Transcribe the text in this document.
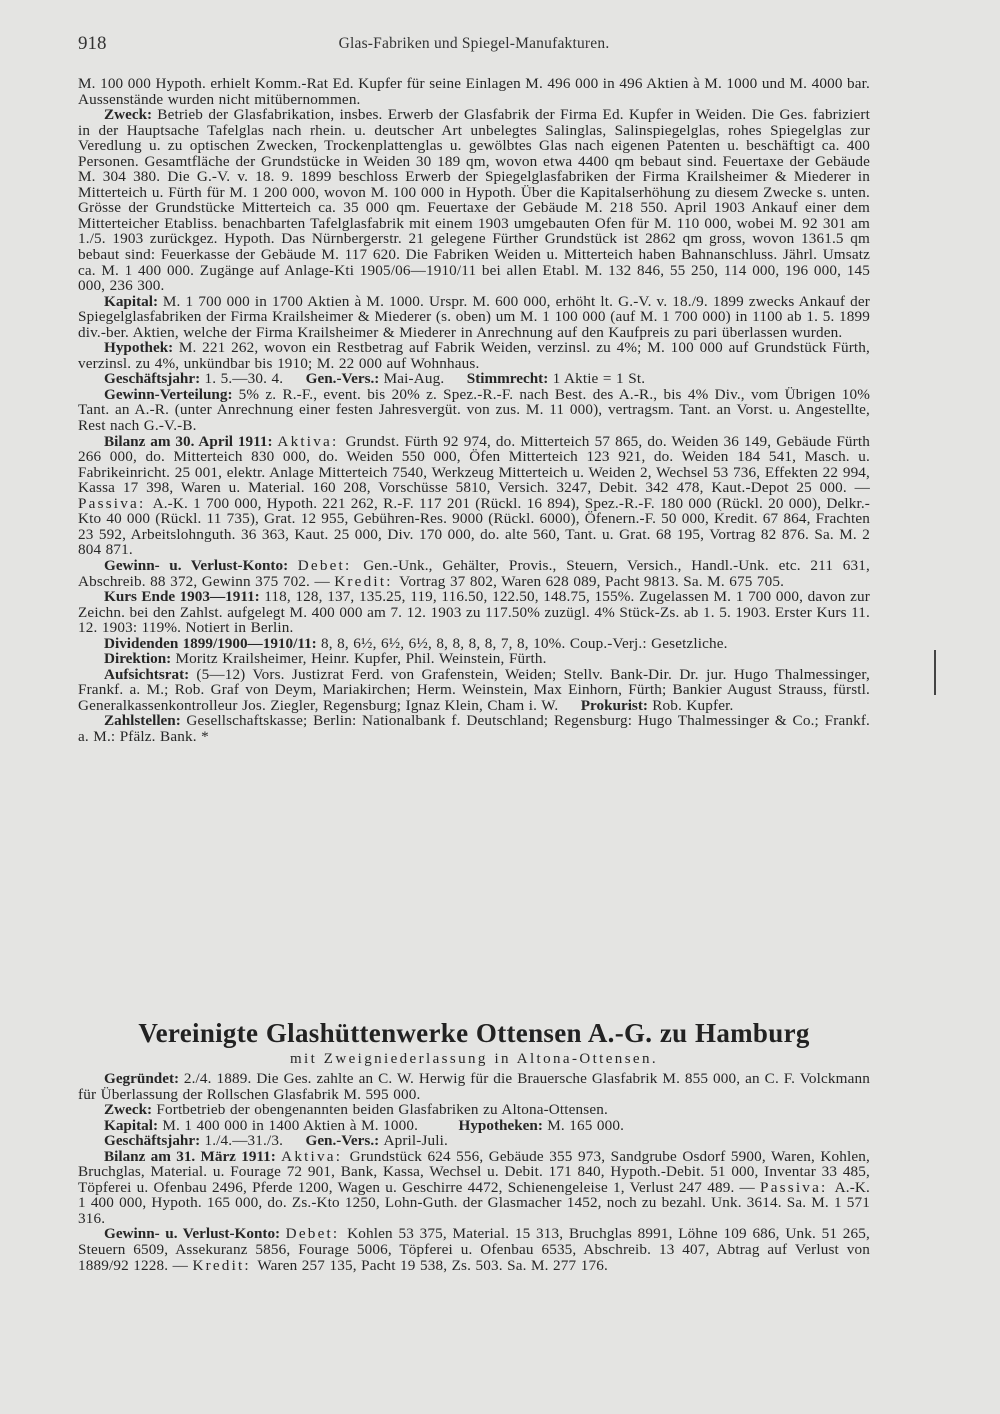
918	Glas-Fabriken und Spiegel-Manufakturen.

M. 100 000 Hypoth. erhielt Komm.-Rat Ed. Kupfer für seine Einlagen M. 496 000 in 496 Aktien à M. 1000 und M. 4000 bar. Aussenstände wurden nicht mitübernommen.

Zweck: Betrieb der Glasfabrikation, insbes. Erwerb der Glasfabrik der Firma Ed. Kupfer in Weiden. Die Ges. fabriziert in der Hauptsache Tafelglas nach rhein. u. deutscher Art unbelegtes Salinglas, Salinspiegelglas, rohes Spiegelglas zur Veredlung u. zu optischen Zwecken, Trockenplattenglas u. gewölbtes Glas nach eigenen Patenten u. beschäftigt ca. 400 Personen. Gesamtfläche der Grundstücke in Weiden 30 189 qm, wovon etwa 4400 qm bebaut sind. Feuertaxe der Gebäude M. 304 380. Die G.-V. v. 18. 9. 1899 beschloss Erwerb der Spiegelglasfabriken der Firma Krailsheimer & Miederer in Mitterteich u. Fürth für M. 1 200 000, wovon M. 100 000 in Hypoth. Über die Kapitalserhöhung zu diesem Zwecke s. unten. Grösse der Grundstücke Mitterteich ca. 35 000 qm. Feuertaxe der Gebäude M. 218 550. April 1903 Ankauf einer dem Mitterteicher Etabliss. benachbarten Tafelglasfabrik mit einem 1903 umgebauten Ofen für M. 110 000, wobei M. 92 301 am 1./5. 1903 zurückgez. Hypoth. Das Nürnbergerstr. 21 gelegene Fürther Grundstück ist 2862 qm gross, wovon 1361.5 qm bebaut sind: Feuerkasse der Gebäude M. 117 620. Die Fabriken Weiden u. Mitterteich haben Bahnanschluss. Jährl. Umsatz ca. M. 1 400 000. Zugänge auf Anlage-Kti 1905/06—1910/11 bei allen Etabl. M. 132 846, 55 250, 114 000, 196 000, 145 000, 236 300.

Kapital: M. 1 700 000 in 1700 Aktien à M. 1000. Urspr. M. 600 000, erhöht lt. G.-V. v. 18./9. 1899 zwecks Ankauf der Spiegelglasfabriken der Firma Krailsheimer & Miederer (s. oben) um M. 1 100 000 (auf M. 1 700 000) in 1100 ab 1. 5. 1899 div.-ber. Aktien, welche der Firma Krailsheimer & Miederer in Anrechnung auf den Kaufpreis zu pari überlassen wurden.

Hypothek: M. 221 262, wovon ein Restbetrag auf Fabrik Weiden, verzinsl. zu 4%; M. 100 000 auf Grundstück Fürth, verzinsl. zu 4%, unkündbar bis 1910; M. 22 000 auf Wohnhaus.

Geschäftsjahr: 1. 5.—30. 4. Gen.-Vers.: Mai-Aug. Stimmrecht: 1 Aktie = 1 St.

Gewinn-Verteilung: 5% z. R.-F., event. bis 20% z. Spez.-R.-F. nach Best. des A.-R., bis 4% Div., vom Übrigen 10% Tant. an A.-R. (unter Anrechnung einer festen Jahresvergüt. von zus. M. 11 000), vertragsm. Tant. an Vorst. u. Angestellte, Rest nach G.-V.-B.

Bilanz am 30. April 1911: Aktiva: Grundst. Fürth 92 974, do. Mitterteich 57 865, do. Weiden 36 149, Gebäude Fürth 266 000, do. Mitterteich 830 000, do. Weiden 550 000, Öfen Mitterteich 123 921, do. Weiden 184 541, Masch. u. Fabrikeinricht. 25 001, elektr. Anlage Mitterteich 7540, Werkzeug Mitterteich u. Weiden 2, Wechsel 53 736, Effekten 22 994, Kassa 17 398, Waren u. Material. 160 208, Vorschüsse 5810, Versich. 3247, Debit. 342 478, Kaut.-Depot 25 000. — Passiva: A.-K. 1 700 000, Hypoth. 221 262, R.-F. 117 201 (Rückl. 16 894), Spez.-R.-F. 180 000 (Rückl. 20 000), Delkr.-Kto 40 000 (Rückl. 11 735), Grat. 12 955, Gebühren-Res. 9000 (Rückl. 6000), Öfenern.-F. 50 000, Kredit. 67 864, Frachten 23 592, Arbeitslohnguth. 36 363, Kaut. 25 000, Div. 170 000, do. alte 560, Tant. u. Grat. 68 195, Vortrag 82 876. Sa. M. 2 804 871.

Gewinn- u. Verlust-Konto: Debet: Gen.-Unk., Gehälter, Provis., Steuern, Versich., Handl.-Unk. etc. 211 631, Abschreib. 88 372, Gewinn 375 702. — Kredit: Vortrag 37 802, Waren 628 089, Pacht 9813. Sa. M. 675 705.

Kurs Ende 1903—1911: 118, 128, 137, 135.25, 119, 116.50, 122.50, 148.75, 155%. Zugelassen M. 1 700 000, davon zur Zeichn. bei den Zahlst. aufgelegt M. 400 000 am 7. 12. 1903 zu 117.50% zuzügl. 4% Stück-Zs. ab 1. 5. 1903. Erster Kurs 11. 12. 1903: 119%. Notiert in Berlin.

Dividenden 1899/1900—1910/11: 8, 8, 6½, 6½, 6½, 8, 8, 8, 8, 7, 8, 10%. Coup.-Verj.: Gesetzliche.

Direktion: Moritz Krailsheimer, Heinr. Kupfer, Phil. Weinstein, Fürth.

Aufsichtsrat: (5—12) Vors. Justizrat Ferd. von Grafenstein, Weiden; Stellv. Bank-Dir. Dr. jur. Hugo Thalmessinger, Frankf. a. M.; Rob. Graf von Deym, Mariakirchen; Herm. Weinstein, Max Einhorn, Fürth; Bankier August Strauss, fürstl. Generalkassenkontrolleur Jos. Ziegler, Regensburg; Ignaz Klein, Cham i. W. Prokurist: Rob. Kupfer.

Zahlstellen: Gesellschaftskasse; Berlin: Nationalbank f. Deutschland; Regensburg: Hugo Thalmessinger & Co.; Frankf. a. M.: Pfälz. Bank. *

Vereinigte Glashüttenwerke Ottensen A.-G. zu Hamburg

mit Zweigniederlassung in Altona-Ottensen.

Gegründet: 2./4. 1889. Die Ges. zahlte an C. W. Herwig für die Brauersche Glasfabrik M. 855 000, an C. F. Volckmann für Überlassung der Rollschen Glasfabrik M. 595 000.

Zweck: Fortbetrieb der obengenannten beiden Glasfabriken zu Altona-Ottensen.

Kapital: M. 1 400 000 in 1400 Aktien à M. 1000. Hypotheken: M. 165 000.

Geschäftsjahr: 1./4.—31./3. Gen.-Vers.: April-Juli.

Bilanz am 31. März 1911: Aktiva: Grundstück 624 556, Gebäude 355 973, Sandgrube Osdorf 5900, Waren, Kohlen, Bruchglas, Material. u. Fourage 72 901, Bank, Kassa, Wechsel u. Debit. 171 840, Hypoth.-Debit. 51 000, Inventar 33 485, Töpferei u. Ofenbau 2496, Pferde 1200, Wagen u. Geschirre 4472, Schienengeleise 1, Verlust 247 489. — Passiva: A.-K. 1 400 000, Hypoth. 165 000, do. Zs.-Kto 1250, Lohn-Guth. der Glasmacher 1452, noch zu bezahl. Unk. 3614. Sa. M. 1 571 316.

Gewinn- u. Verlust-Konto: Debet: Kohlen 53 375, Material. 15 313, Bruchglas 8991, Löhne 109 686, Unk. 51 265, Steuern 6509, Assekuranz 5856, Fourage 5006, Töpferei u. Ofenbau 6535, Abschreib. 13 407, Abtrag auf Verlust von 1889/92 1228. — Kredit: Waren 257 135, Pacht 19 538, Zs. 503. Sa. M. 277 176.
